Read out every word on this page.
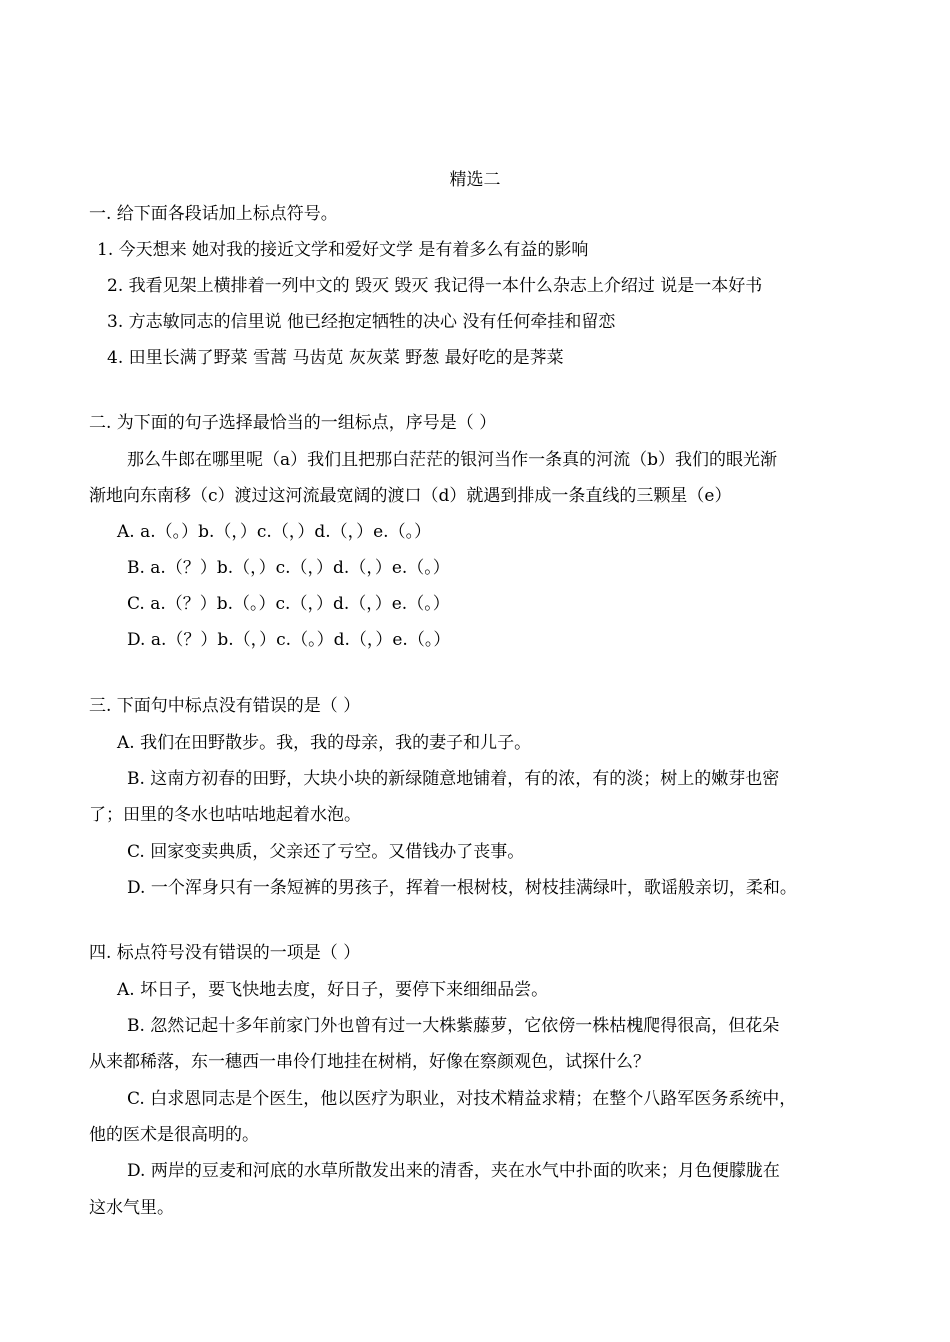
精选二
一. 给下面各段话加上标点符号。
1. 今天想来 她对我的接近文学和爱好文学 是有着多么有益的影响
2. 我看见架上横排着一列中文的 毁灭 毁灭 我记得一本什么杂志上介绍过 说是一本好书
3. 方志敏同志的信里说 他已经抱定牺牲的决心 没有任何牵挂和留恋
4. 田里长满了野菜 雪蒿 马齿苋 灰灰菜 野葱 最好吃的是荠菜
二. 为下面的句子选择最恰当的一组标点，序号是（ ）
那么牛郎在哪里呢（a）我们且把那白茫茫的银河当作一条真的河流（b）我们的眼光渐
渐地向东南移（c）渡过这河流最宽阔的渡口（d）就遇到排成一条直线的三颗星（e）
A. a.（。）b.（，）c.（，）d.（，）e.（。）
B. a.（？）b.（，）c.（，）d.（，）e.（。）
C. a.（？）b.（。）c.（，）d.（，）e.（。）
D. a.（？）b.（，）c.（。）d.（，）e.（。）
三. 下面句中标点没有错误的是（ ）
A. 我们在田野散步。我，我的母亲，我的妻子和儿子。
B. 这南方初春的田野，大块小块的新绿随意地铺着，有的浓，有的淡；树上的嫩芽也密
了；田里的冬水也咕咕地起着水泡。
C. 回家变卖典质，父亲还了亏空。又借钱办了丧事。
D. 一个浑身只有一条短裤的男孩子，挥着一根树枝，树枝挂满绿叶，歌谣般亲切，柔和。
四. 标点符号没有错误的一项是（ ）
A. 坏日子，要飞快地去度，好日子，要停下来细细品尝。
B. 忽然记起十多年前家门外也曾有过一大株紫藤萝，它依傍一株枯槐爬得很高，但花朵
从来都稀落，东一穗西一串伶仃地挂在树梢，好像在察颜观色，试探什么？
C. 白求恩同志是个医生，他以医疗为职业，对技术精益求精；在整个八路军医务系统中，
他的医术是很高明的。
D. 两岸的豆麦和河底的水草所散发出来的清香，夹在水气中扑面的吹来；月色便朦胧在
这水气里。
